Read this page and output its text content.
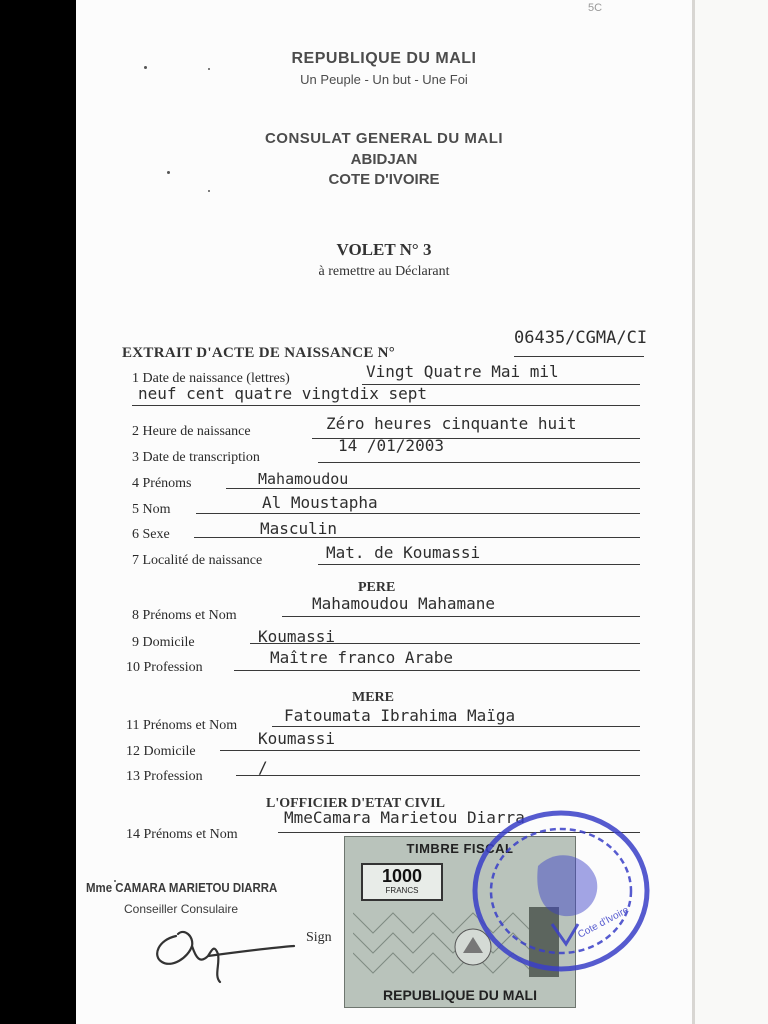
5C
REPUBLIQUE DU MALI
Un Peuple - Un but - Une Foi
CONSULAT GENERAL DU MALI
ABIDJAN
COTE D'IVOIRE
VOLET N° 3
à remettre au Déclarant
EXTRAIT D'ACTE DE NAISSANCE N°
06435/CGMA/CI
1 Date de naissance (lettres)	Vingt Quatre Mai mil
neuf cent quatre vingtdix sept
2 Heure de naissance	Zéro heures cinquante huit
3 Date de transcription
14 /01/2003
4 Prénoms	Mahamoudou
5 Nom	Al Moustapha
6 Sexe	Masculin
7 Localité de naissance	Mat. de Koumassi
PERE
8 Prénoms et Nom
Mahamoudou Mahamane
9 Domicile	Koumassi
10 Profession
Maître franco Arabe
MERE
11 Prénoms et Nom
Fatoumata Ibrahima Maïga
12 Domicile
Koumassi
13 Profession	/
L'OFFICIER D'ETAT CIVIL
14 Prénoms et Nom
MmeCamara Marietou Diarra
Mme CAMARA MARIETOU DIARRA
Conseiller Consulaire
Sign
TIMBRE FISCAL
1000
FRANCS
REPUBLIQUE DU MALI
Cote d'Ivoire
